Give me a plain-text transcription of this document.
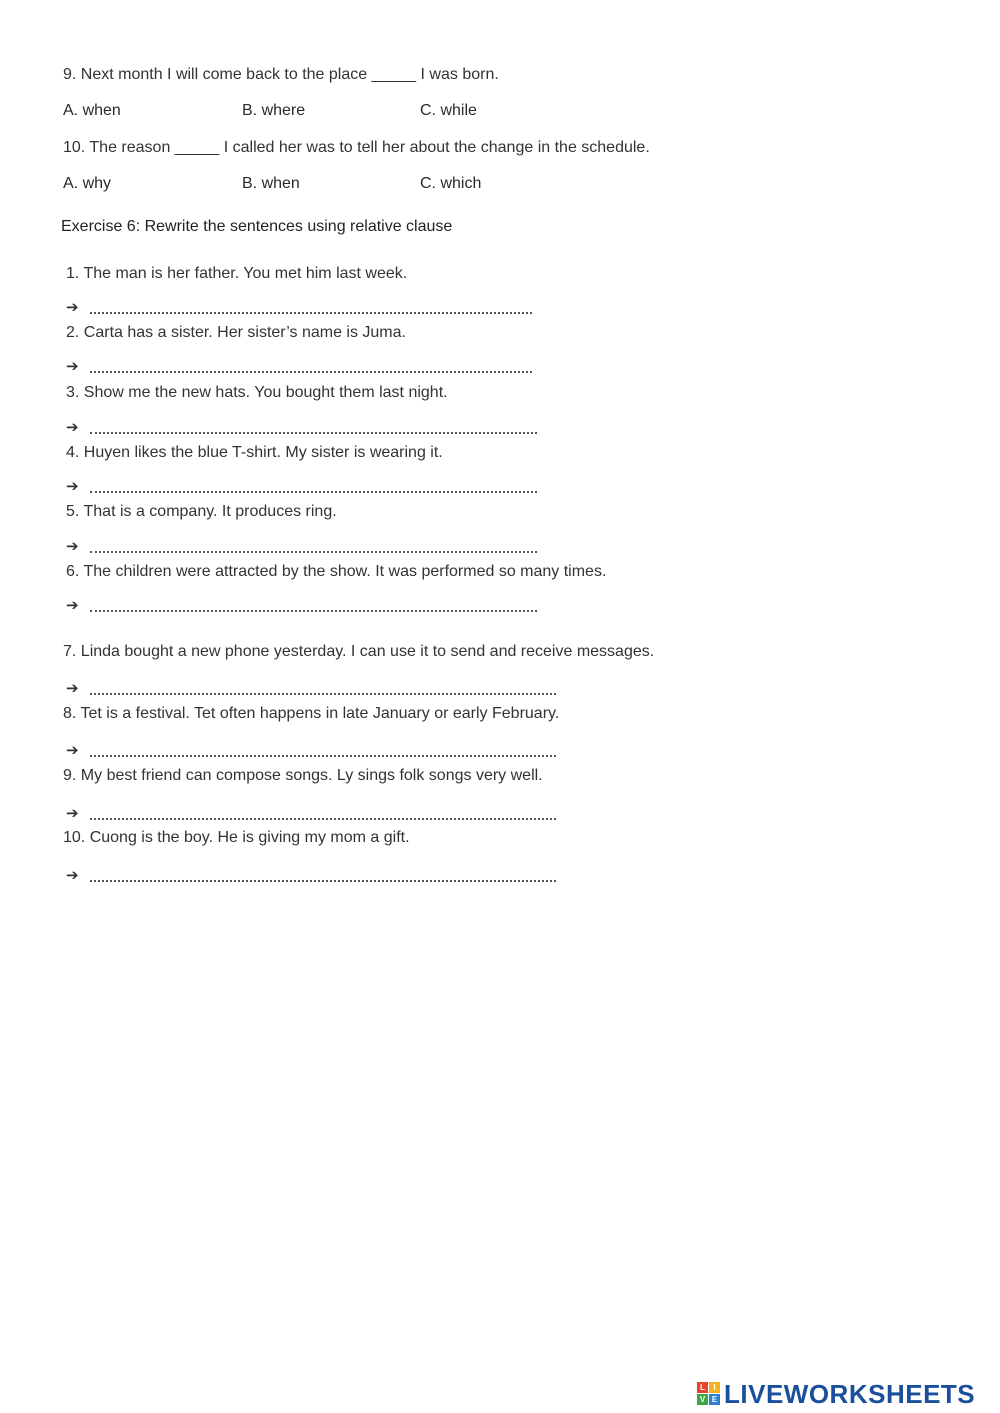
9. Next month I will come back to the place _____ I was born.
A. when	B. where	C. while
10. The reason _____ I called her was to tell her about the change in the schedule.
A. why	B. when	C. which
Exercise 6: Rewrite the sentences using relative clause
1. The man is her father. You met him last week.
➔
2. Carta has a sister. Her sister’s name is Juma.
➔
3. Show me the new hats. You bought them last night.
➔
4. Huyen likes the blue T-shirt. My sister is wearing it.
➔
5. That is a company. It produces ring.
➔
6. The children were attracted by the show. It was performed so many times.
➔
7. Linda bought a new phone yesterday. I can use it to send and receive messages.
➔
8. Tet is a festival. Tet often happens in late January or early February.
➔
9. My best friend can compose songs. Ly sings folk songs very well.
➔
10. Cuong is the boy. He is giving my mom a gift.
➔
L	I
V E LIVEWORKSHEETS
